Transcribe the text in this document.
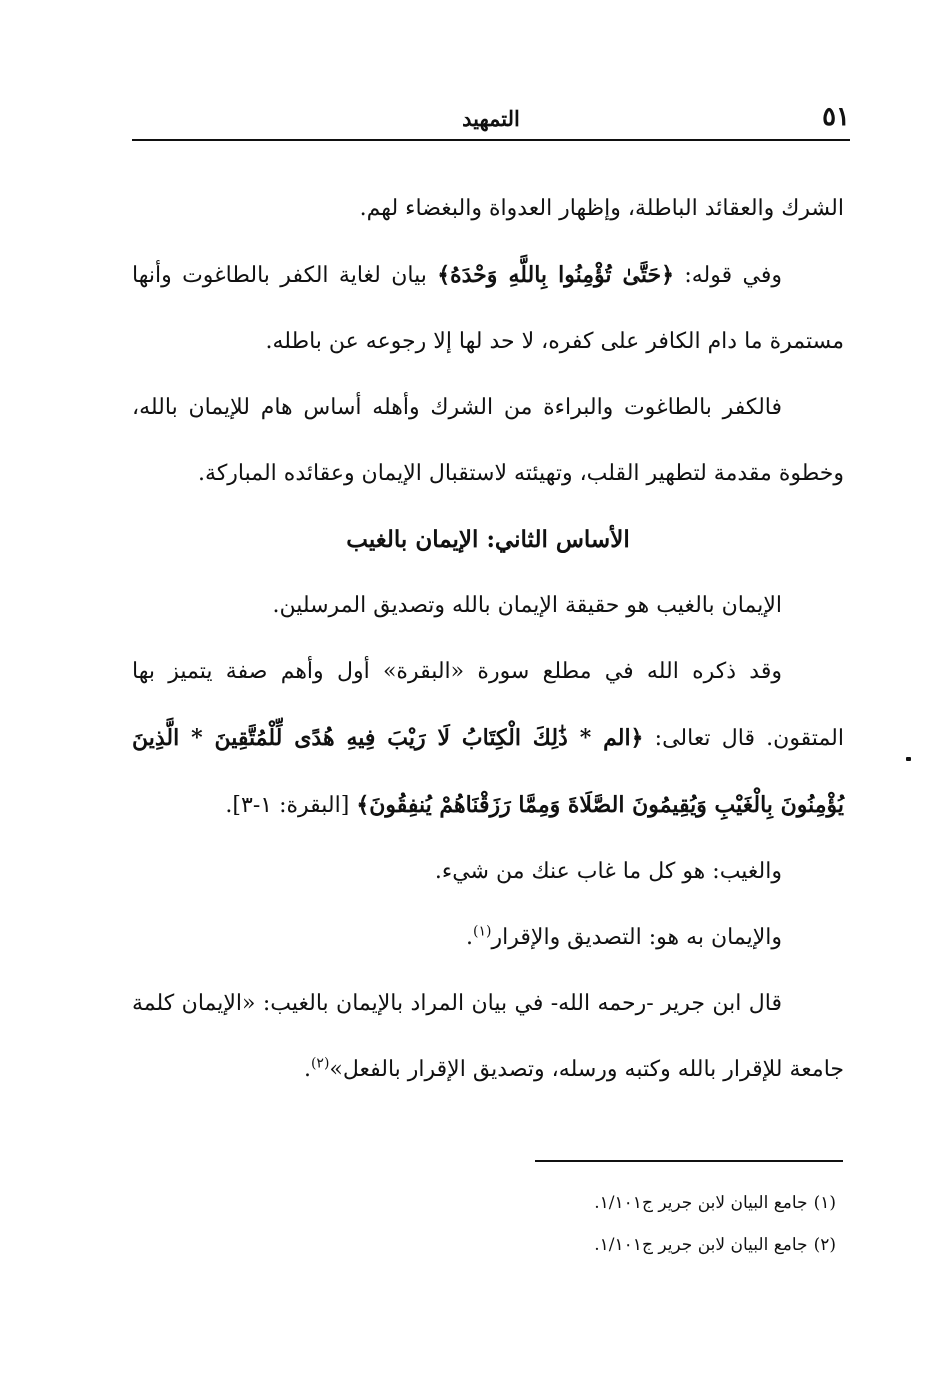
٥١
التمهيد

الشرك والعقائد الباطلة، وإظهار العدواة والبغضاء لهم.

وفي قوله: ﴿حَتَّىٰ تُؤْمِنُوا بِاللَّهِ وَحْدَهُ﴾ بيان لغاية الكفر بالطاغوت وأنها مستمرة ما دام الكافر على كفره، لا حد لها إلا رجوعه عن باطله.

فالكفر بالطاغوت والبراءة من الشرك وأهله أساس هام للإيمان بالله، وخطوة مقدمة لتطهير القلب، وتهيئته لاستقبال الإيمان وعقائده المباركة.

الأساس الثاني: الإيمان بالغيب

الإيمان بالغيب هو حقيقة الإيمان بالله وتصديق المرسلين.

وقد ذكره الله في مطلع سورة «البقرة» أول وأهم صفة يتميز بها المتقون. قال تعالى: ﴿الم * ذَٰلِكَ الْكِتَابُ لَا رَيْبَ فِيهِ هُدًى لِّلْمُتَّقِينَ * الَّذِينَ يُؤْمِنُونَ بِالْغَيْبِ وَيُقِيمُونَ الصَّلَاةَ وَمِمَّا رَزَقْنَاهُمْ يُنفِقُونَ﴾ [البقرة: ١-٣].

والغيب: هو كل ما غاب عنك من شيء.

والإيمان به هو: التصديق والإقرار$^{(١)}$.

قال ابن جرير -رحمه الله- في بيان المراد بالإيمان بالغيب: «الإيمان كلمة جامعة للإقرار بالله وكتبه ورسله، وتصديق الإقرار بالفعل»$^{(٢)}$.

(١)جامع البيان لابن جرير ج١/١٠١.

(٢)جامع البيان لابن جرير ج١/١٠١.
